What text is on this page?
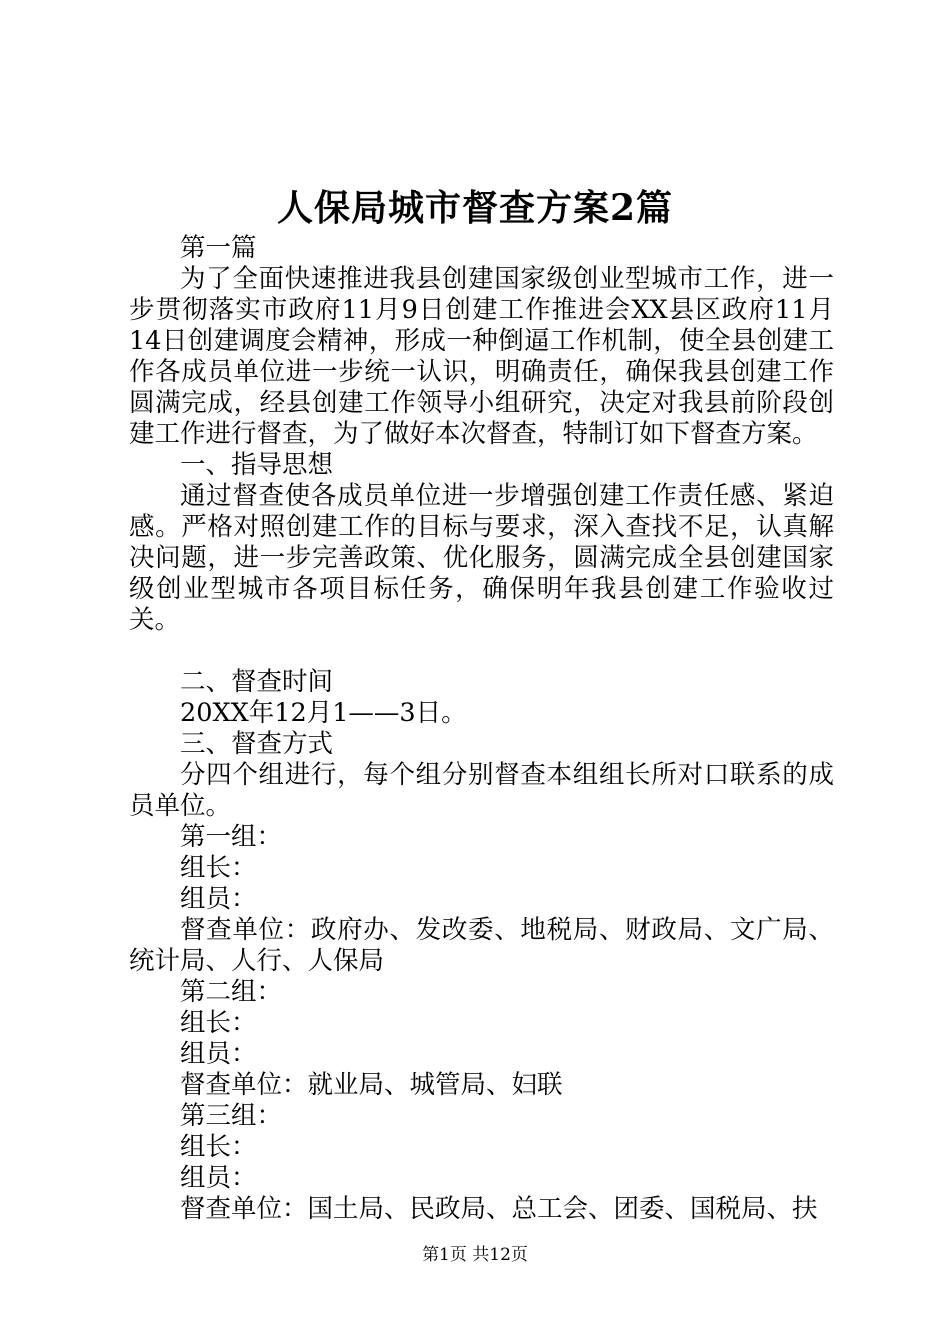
人保局城市督查方案2篇

第一篇

为了全面快速推进我县创建国家级创业型城市工作，进一步贯彻落实市政府11月9日创建工作推进会XX县区政府11月14日创建调度会精神，形成一种倒逼工作机制，使全县创建工作各成员单位进一步统一认识，明确责任，确保我县创建工作圆满完成，经县创建工作领导小组研究，决定对我县前阶段创建工作进行督查，为了做好本次督查，特制订如下督查方案。

一、指导思想

通过督查使各成员单位进一步增强创建工作责任感、紧迫感。严格对照创建工作的目标与要求，深入查找不足，认真解决问题，进一步完善政策、优化服务，圆满完成全县创建国家级创业型城市各项目标任务，确保明年我县创建工作验收过关。

二、督查时间

20XX年12月1——3日。

三、督查方式

分四个组进行，每个组分别督查本组组长所对口联系的成员单位。

第一组：

组长：

组员：

督查单位：政府办、发改委、地税局、财政局、文广局、统计局、人行、人保局

第二组：

组长：

组员：

督查单位：就业局、城管局、妇联

第三组：

组长：

组员：

督查单位：国土局、民政局、总工会、团委、国税局、扶

第1页 共12页
